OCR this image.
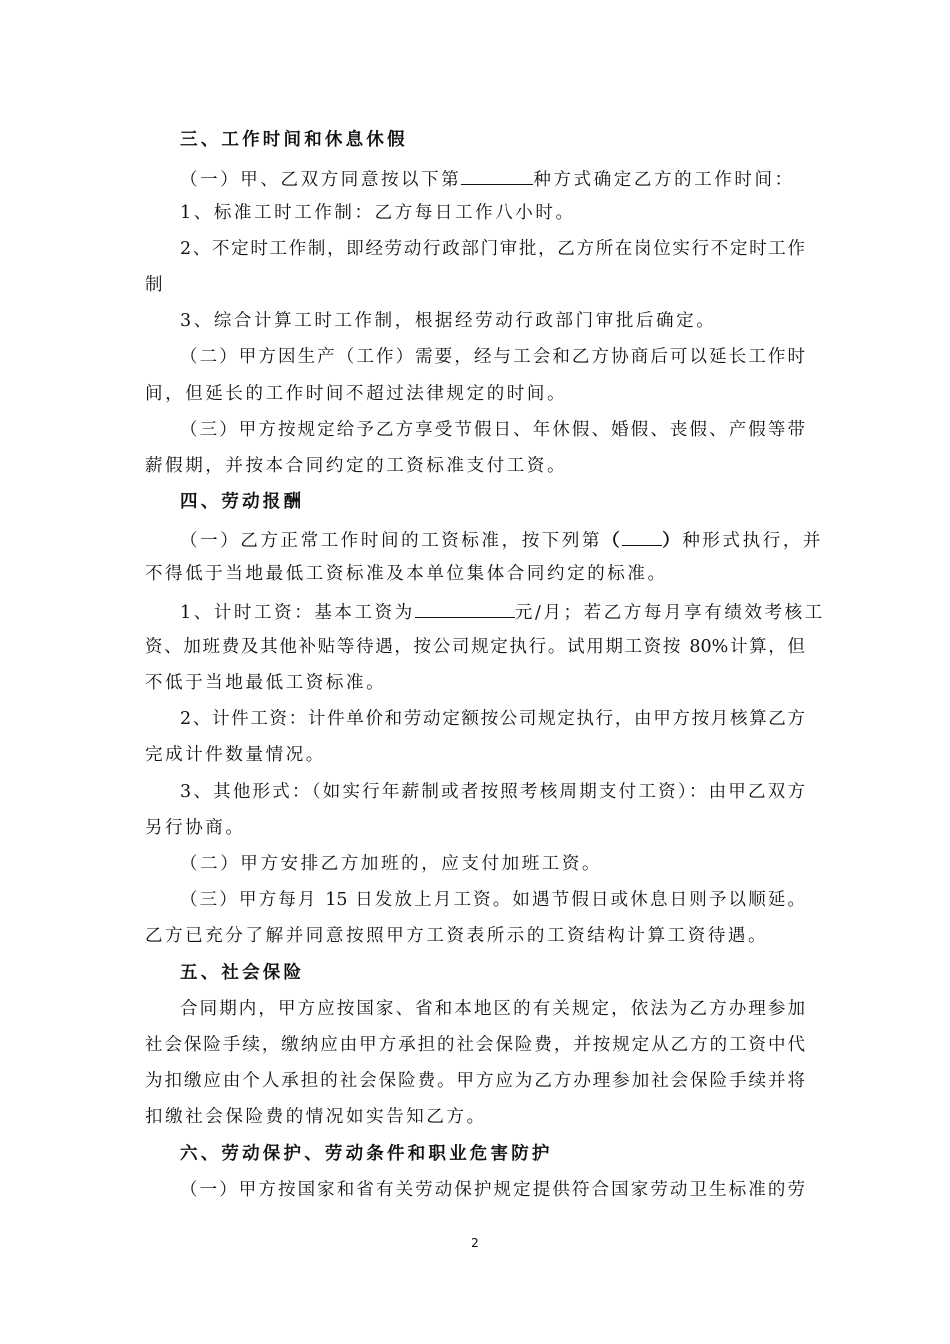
三、工作时间和休息休假
（一）甲、乙双方同意按以下第	种方式确定乙方的工作时间：
1、标准工时工作制：乙方每日工作八小时。
2、不定时工作制，即经劳动行政部门审批，乙方所在岗位实行不定时工作
制
3、综合计算工时工作制，根据经劳动行政部门审批后确定。
（二）甲方因生产（工作）需要，经与工会和乙方协商后可以延长工作时
间，但延长的工作时间不超过法律规定的时间。
（三）甲方按规定给予乙方享受节假日、年休假、婚假、丧假、产假等带
薪假期，并按本合同约定的工资标准支付工资。
四、劳动报酬
（一）乙方正常工作时间的工资标准，按下列第（ ）种形式执行，并
不得低于当地最低工资标准及本单位集体合同约定的标准。
1、计时工资：基本工资为	元/月；若乙方每月享有绩效考核工
资、加班费及其他补贴等待遇，按公司规定执行。试用期工资按 80%计算，但
不低于当地最低工资标准。
2、计件工资：计件单价和劳动定额按公司规定执行，由甲方按月核算乙方
完成计件数量情况。
3、其他形式：（如实行年薪制或者按照考核周期支付工资）：由甲乙双方
另行协商。
（二）甲方安排乙方加班的，应支付加班工资。
（三）甲方每月 15 日发放上月工资。如遇节假日或休息日则予以顺延。
乙方已充分了解并同意按照甲方工资表所示的工资结构计算工资待遇。
五、社会保险
合同期内，甲方应按国家、省和本地区的有关规定，依法为乙方办理参加
社会保险手续，缴纳应由甲方承担的社会保险费，并按规定从乙方的工资中代
为扣缴应由个人承担的社会保险费。甲方应为乙方办理参加社会保险手续并将
扣缴社会保险费的情况如实告知乙方。
六、劳动保护、劳动条件和职业危害防护
（一）甲方按国家和省有关劳动保护规定提供符合国家劳动卫生标准的劳
2
